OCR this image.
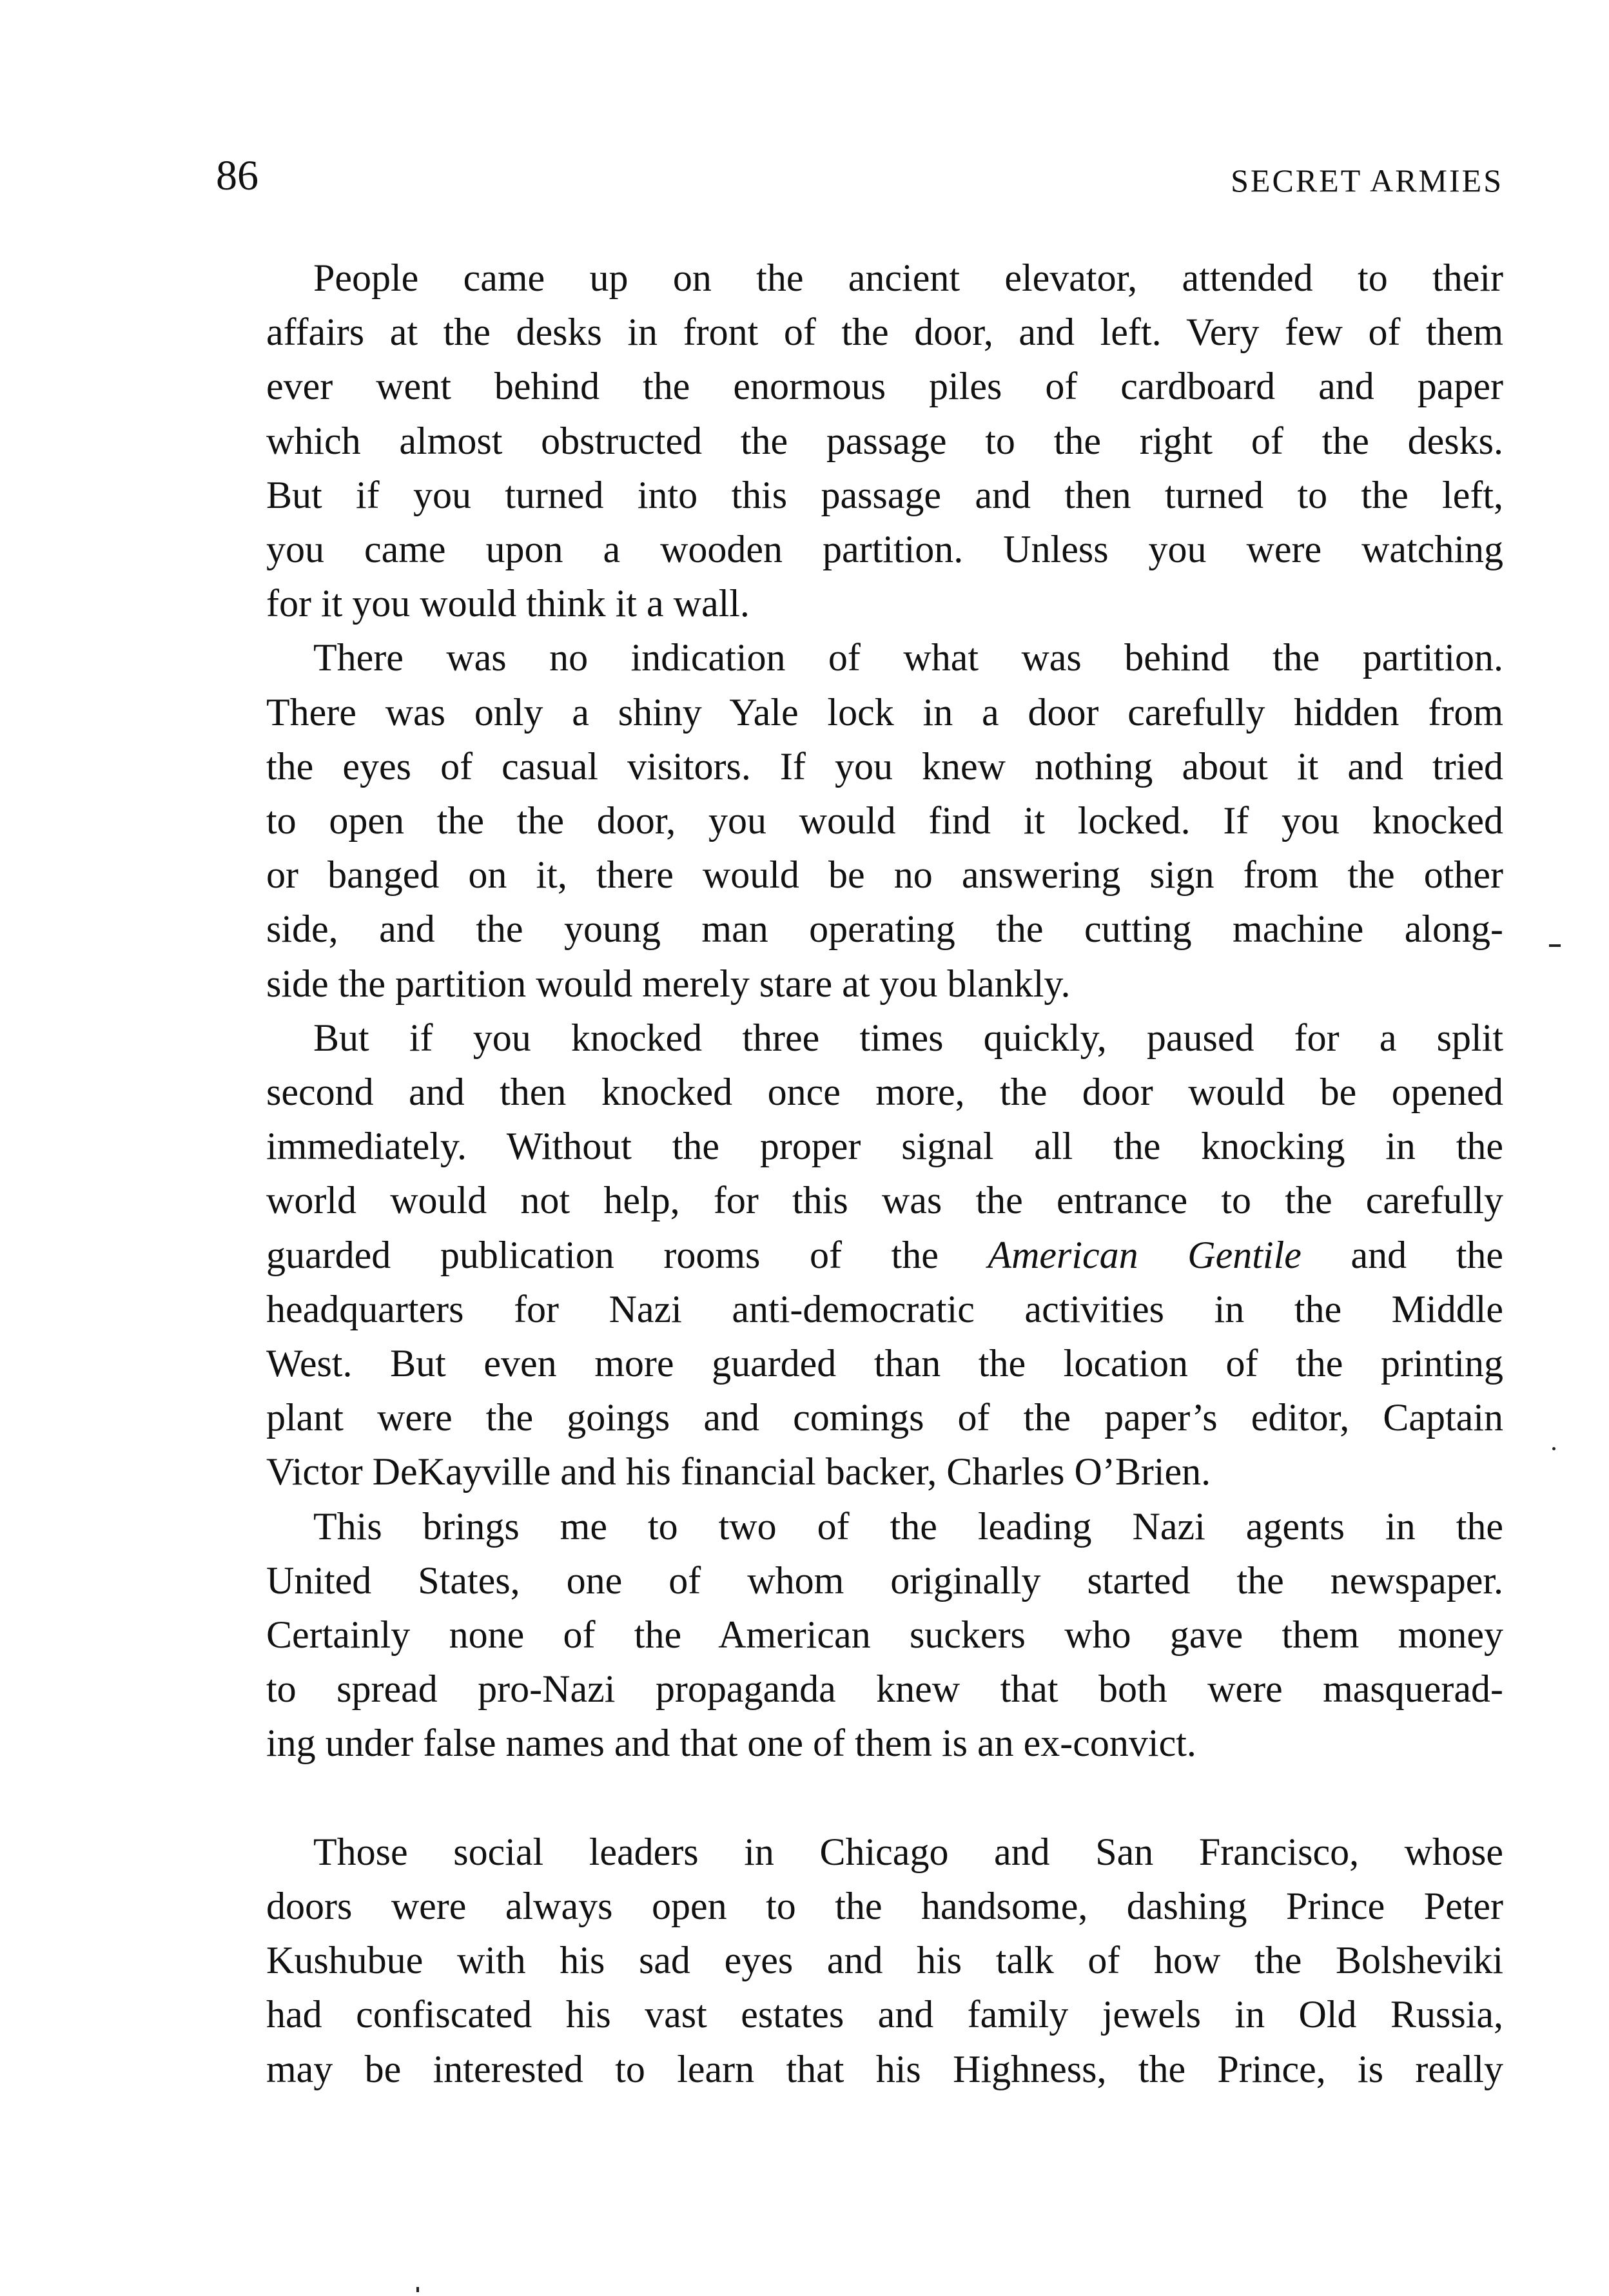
86	SECRET ARMIES
People came up on the ancient elevator, attended to their
affairs at the desks in front of the door, and left. Very few of them
ever went behind the enormous piles of cardboard and paper
which almost obstructed the passage to the right of the desks.
But if you turned into this passage and then turned to the left,
you came upon a wooden partition. Unless you were watching
for it you would think it a wall.
There was no indication of what was behind the partition.
There was only a shiny Yale lock in a door carefully hidden from
the eyes of casual visitors. If you knew nothing about it and tried
to open the the door, you would find it locked. If you knocked
or banged on it, there would be no answering sign from the other
side, and the young man operating the cutting machine along-
side the partition would merely stare at you blankly.
But if you knocked three times quickly, paused for a split
second and then knocked once more, the door would be opened
immediately. Without the proper signal all the knocking in the
world would not help, for this was the entrance to the carefully
guarded publication rooms of the American Gentile and the
headquarters for Nazi anti-democratic activities in the Middle
West. But even more guarded than the location of the printing
plant were the goings and comings of the paper’s editor, Captain
Victor DeKayville and his financial backer, Charles O’Brien.
This brings me to two of the leading Nazi agents in the
United States, one of whom originally started the newspaper.
Certainly none of the American suckers who gave them money
to spread pro-Nazi propaganda knew that both were masquerad-
ing under false names and that one of them is an ex-convict.
Those social leaders in Chicago and San Francisco, whose
doors were always open to the handsome, dashing Prince Peter
Kushubue with his sad eyes and his talk of how the Bolsheviki
had confiscated his vast estates and family jewels in Old Russia,
may be interested to learn that his Highness, the Prince, is really
